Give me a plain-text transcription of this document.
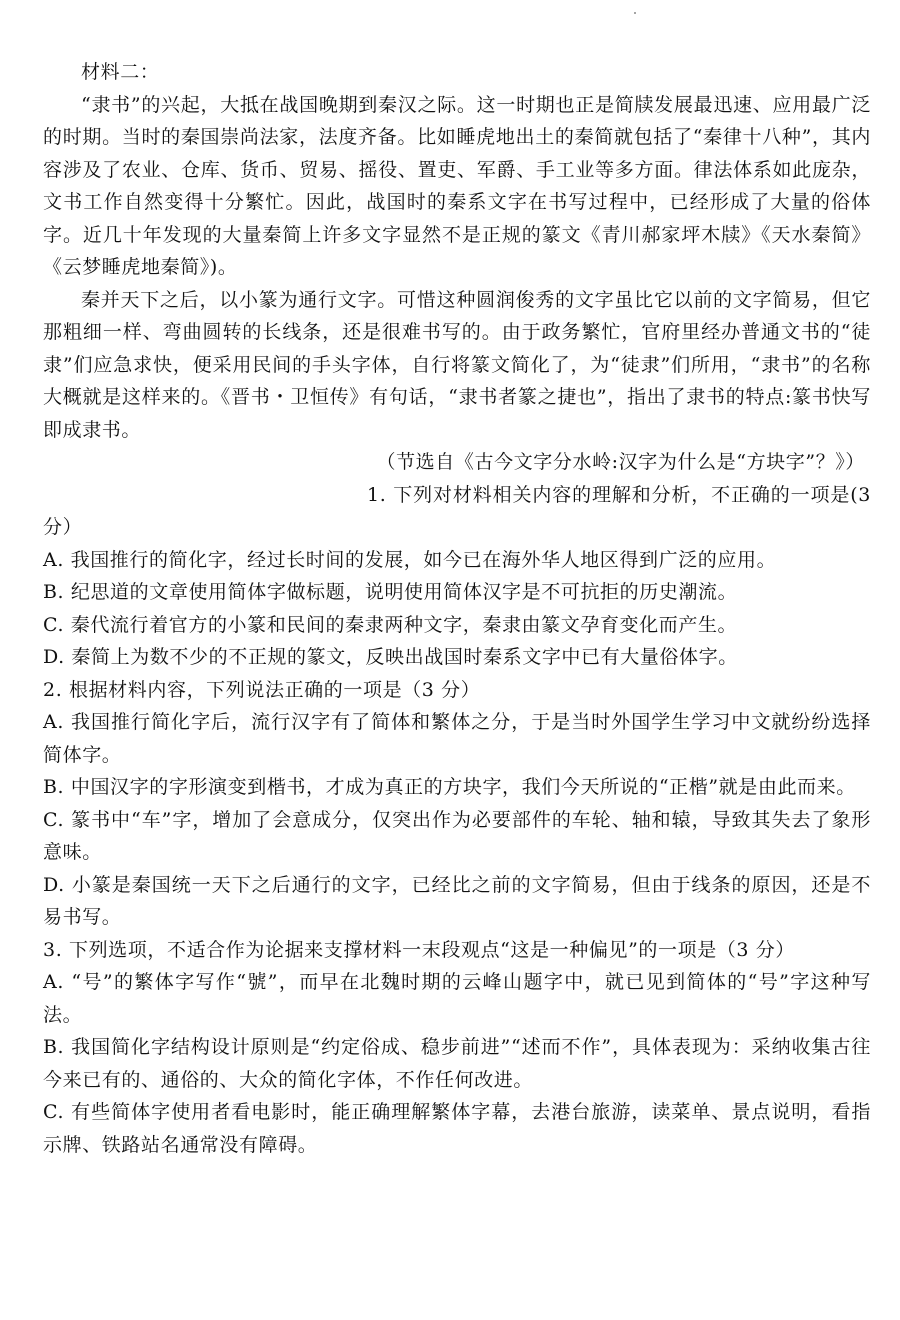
材料二：

“隶书”的兴起，大抵在战国晚期到秦汉之际。这一时期也正是简牍发展最迅速、应用最广泛的时期。当时的秦国崇尚法家，法度齐备。比如睡虎地出土的秦简就包括了“秦律十八种”，其内容涉及了农业、仓库、货币、贸易、摇役、置吏、军爵、手工业等多方面。律法体系如此庞杂，文书工作自然变得十分繁忙。因此，战国时的秦系文字在书写过程中，已经形成了大量的俗体字。近几十年发现的大量秦简上许多文字显然不是正规的篆文《青川郝家坪木牍》《天水秦简》《云梦睡虎地秦简》)。

秦并天下之后，以小篆为通行文字。可惜这种圆润俊秀的文字虽比它以前的文字简易，但它那粗细一样、弯曲圆转的长线条，还是很难书写的。由于政务繁忙，官府里经办普通文书的“徒隶”们应急求快，便采用民间的手头字体，自行将篆文简化了，为“徒隶”们所用，“隶书”的名称大概就是这样来的。《晋书・卫恒传》有句话，“隶书者篆之捷也”，指出了隶书的特点:篆书快写即成隶书。

（节选自《古今文字分水岭:汉字为什么是“方块字”？》）

1. 下列对材料相关内容的理解和分析，不正确的一项是(3分）

A. 我国推行的简化字，经过长时间的发展，如今已在海外华人地区得到广泛的应用。

B. 纪思道的文章使用简体字做标题，说明使用简体汉字是不可抗拒的历史潮流。

C. 秦代流行着官方的小篆和民间的秦隶两种文字，秦隶由篆文孕育变化而产生。

D. 秦简上为数不少的不正规的篆文，反映出战国时秦系文字中已有大量俗体字。

2. 根据材料内容，下列说法正确的一项是（3 分）

A. 我国推行简化字后，流行汉字有了简体和繁体之分，于是当时外国学生学习中文就纷纷选择简体字。

B. 中国汉字的字形演变到楷书，才成为真正的方块字，我们今天所说的“正楷”就是由此而来。

C. 篆书中“车”字，增加了会意成分，仅突出作为必要部件的车轮、轴和辕，导致其失去了象形意味。

D. 小篆是秦国统一天下之后通行的文字，已经比之前的文字简易，但由于线条的原因，还是不易书写。

3. 下列选项，不适合作为论据来支撑材料一末段观点“这是一种偏见”的一项是（3 分）

A. “号”的繁体字写作“號”，而早在北魏时期的云峰山题字中，就已见到简体的“号”字这种写法。

B. 我国简化字结构设计原则是“约定俗成、稳步前进”“述而不作”，具体表现为：采纳收集古往今来已有的、通俗的、大众的简化字体，不作任何改进。

C. 有些简体字使用者看电影时，能正确理解繁体字幕，去港台旅游，读菜单、景点说明，看指示牌、铁路站名通常没有障碍。
